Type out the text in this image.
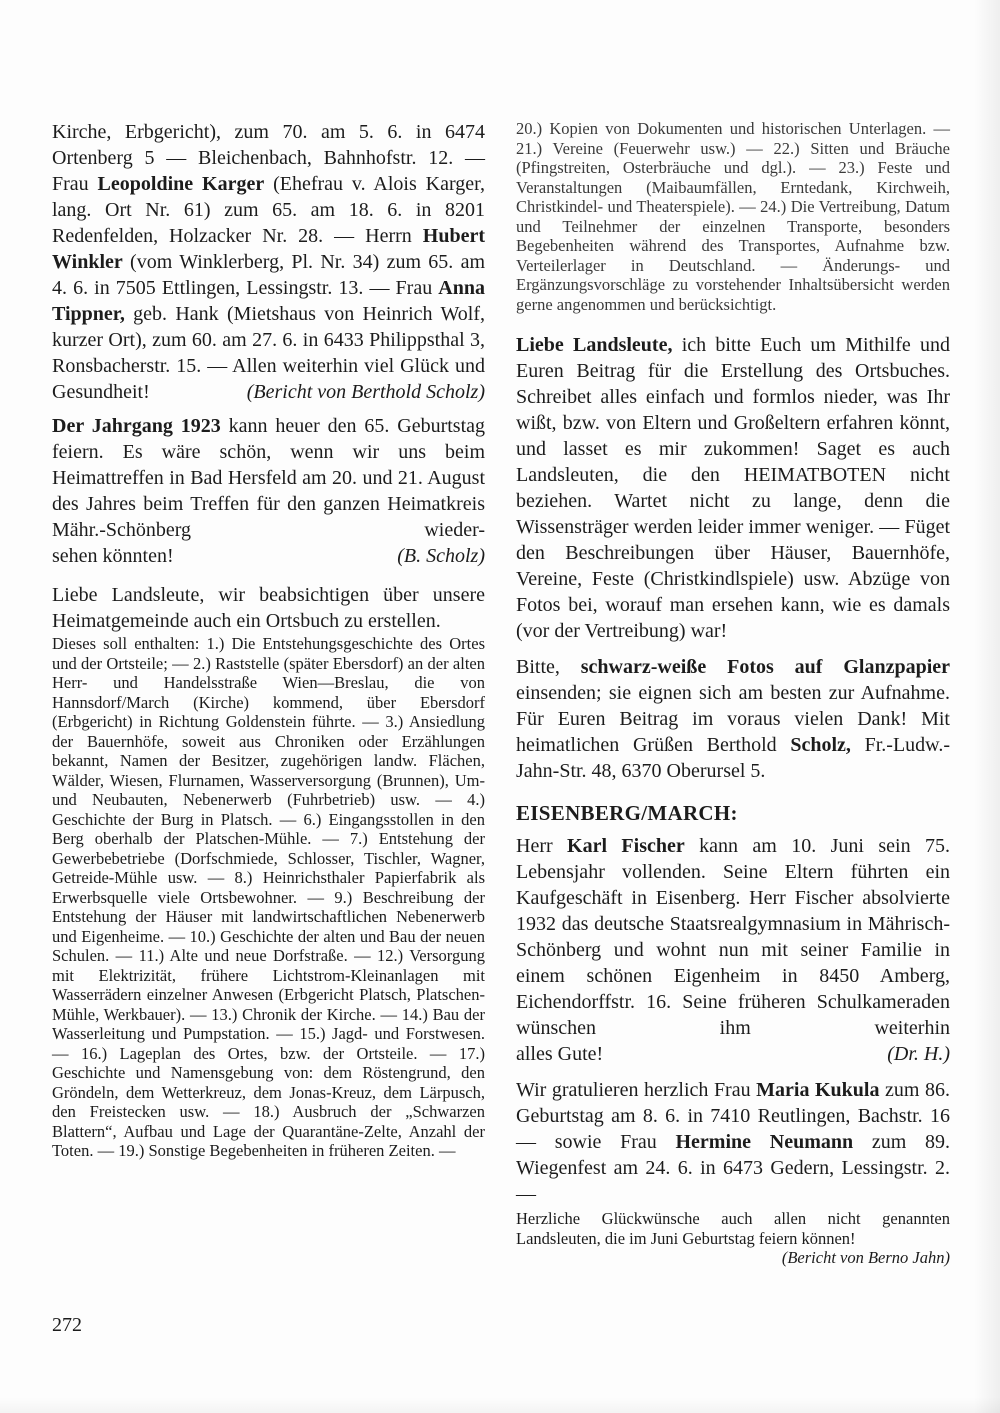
Kirche, Erbgericht), zum 70. am 5. 6. in 6474 Ortenberg 5 — Bleichenbach, Bahnhofstr. 12. — Frau Leopoldine Karger (Ehefrau v. Alois Karger, lang. Ort Nr. 61) zum 65. am 18. 6. in 8201 Redenfelden, Holzacker Nr. 28. — Herrn Hubert Winkler (vom Winklerberg, Pl. Nr. 34) zum 65. am 4. 6. in 7505 Ettlingen, Lessingstr. 13. — Frau Anna Tippner, geb. Hank (Mietshaus von Heinrich Wolf, kurzer Ort), zum 60. am 27. 6. in 6433 Philippsthal 3, Ronsbacherstr. 15. — Allen weiterhin viel Glück und

Gesundheit!	(Bericht von Berthold Scholz)

Der Jahrgang 1923 kann heuer den 65. Geburtstag feiern. Es wäre schön, wenn wir uns beim Heimattreffen in Bad Hersfeld am 20. und 21. August des Jahres beim Treffen für den ganzen Heimatkreis Mähr.-Schönberg wieder-

sehen könnten!	(B. Scholz)

Liebe Landsleute, wir beabsichtigen über unsere Heimatgemeinde auch ein Ortsbuch zu erstellen.

Dieses soll enthalten: 1.) Die Entstehungsgeschichte des Ortes und der Ortsteile; — 2.) Raststelle (später Ebersdorf) an der alten Herr- und Handelsstraße Wien—Breslau, die von Hannsdorf/March (Kirche) kommend, über Ebersdorf (Erbgericht) in Richtung Goldenstein führte. — 3.) Ansiedlung der Bauernhöfe, soweit aus Chroniken oder Erzählungen bekannt, Namen der Besitzer, zugehörigen landw. Flächen, Wälder, Wiesen, Flurnamen, Wasserversorgung (Brunnen), Um- und Neubauten, Nebenerwerb (Fuhrbetrieb) usw. — 4.) Geschichte der Burg in Platsch. — 6.) Eingangsstollen in den Berg oberhalb der Platschen-Mühle. — 7.) Entstehung der Gewerbebetriebe (Dorfschmiede, Schlosser, Tischler, Wagner, Getreide-Mühle usw. — 8.) Heinrichsthaler Papierfabrik als Erwerbsquelle viele Ortsbewohner. — 9.) Beschreibung der Entstehung der Häuser mit landwirtschaftlichen Nebenerwerb und Eigenheime. — 10.) Geschichte der alten und Bau der neuen Schulen. — 11.) Alte und neue Dorfstraße. — 12.) Versorgung mit Elektrizität, frühere Lichtstrom-Kleinanlagen mit Wasserrädern einzelner Anwesen (Erbgericht Platsch, Platschen-Mühle, Werkbauer). — 13.) Chronik der Kirche. — 14.) Bau der Wasserleitung und Pumpstation. — 15.) Jagd- und Forstwesen. — 16.) Lageplan des Ortes, bzw. der Ortsteile. — 17.) Geschichte und Namensgebung von: dem Röstengrund, den Gröndeln, dem Wetterkreuz, dem Jonas-Kreuz, dem Lärpusch, den Freistecken usw. — 18.) Ausbruch der „Schwarzen Blattern“, Aufbau und Lage der Quarantäne-Zelte, Anzahl der Toten. — 19.) Sonstige Begebenheiten in früheren Zeiten. —

20.) Kopien von Dokumenten und historischen Unterlagen. — 21.) Vereine (Feuerwehr usw.) — 22.) Sitten und Bräuche (Pfingstreiten, Osterbräuche und dgl.). — 23.) Feste und Veranstaltungen (Maibaumfällen, Erntedank, Kirchweih, Christkindel- und Theaterspiele). — 24.) Die Vertreibung, Datum und Teilnehmer der einzelnen Transporte, besonders Begebenheiten während des Transportes, Aufnahme bzw. Verteilerlager in Deutschland. — Änderungs- und Ergänzungsvorschläge zu vorstehender Inhaltsübersicht werden gerne angenommen und berücksichtigt.

Liebe Landsleute, ich bitte Euch um Mithilfe und Euren Beitrag für die Erstellung des Ortsbuches. Schreibet alles einfach und formlos nieder, was Ihr wißt, bzw. von Eltern und Großeltern erfahren könnt, und lasset es mir zukommen! Saget es auch Landsleuten, die den HEIMATBOTEN nicht beziehen. Wartet nicht zu lange, denn die Wissensträger werden leider immer weniger. — Füget den Beschreibungen über Häuser, Bauernhöfe, Vereine, Feste (Christkindlspiele) usw. Abzüge von Fotos bei, worauf man ersehen kann, wie es damals (vor der Vertreibung) war!

Bitte, schwarz-weiße Fotos auf Glanzpapier einsenden; sie eignen sich am besten zur Aufnahme. Für Euren Beitrag im voraus vielen Dank! Mit heimatlichen Grüßen Berthold Scholz, Fr.-Ludw.-Jahn-Str. 48, 6370 Oberursel 5.

EISENBERG/MARCH:

Herr Karl Fischer kann am 10. Juni sein 75. Lebensjahr vollenden. Seine Eltern führten ein Kaufgeschäft in Eisenberg. Herr Fischer absolvierte 1932 das deutsche Staatsrealgymnasium in Mährisch-Schönberg und wohnt nun mit seiner Familie in einem schönen Eigenheim in 8450 Amberg, Eichendorffstr. 16. Seine früheren Schulkameraden wünschen ihm weiterhin

alles Gute!	(Dr. H.)

Wir gratulieren herzlich Frau Maria Kukula zum 86. Geburtstag am 8. 6. in 7410 Reutlingen, Bachstr. 16 — sowie Frau Hermine Neumann zum 89. Wiegenfest am 24. 6. in 6473 Gedern, Lessingstr. 2. —

Herzliche Glückwünsche auch allen nicht genannten Landsleuten, die im Juni Geburtstag feiern können!

(Bericht von Berno Jahn)
272
